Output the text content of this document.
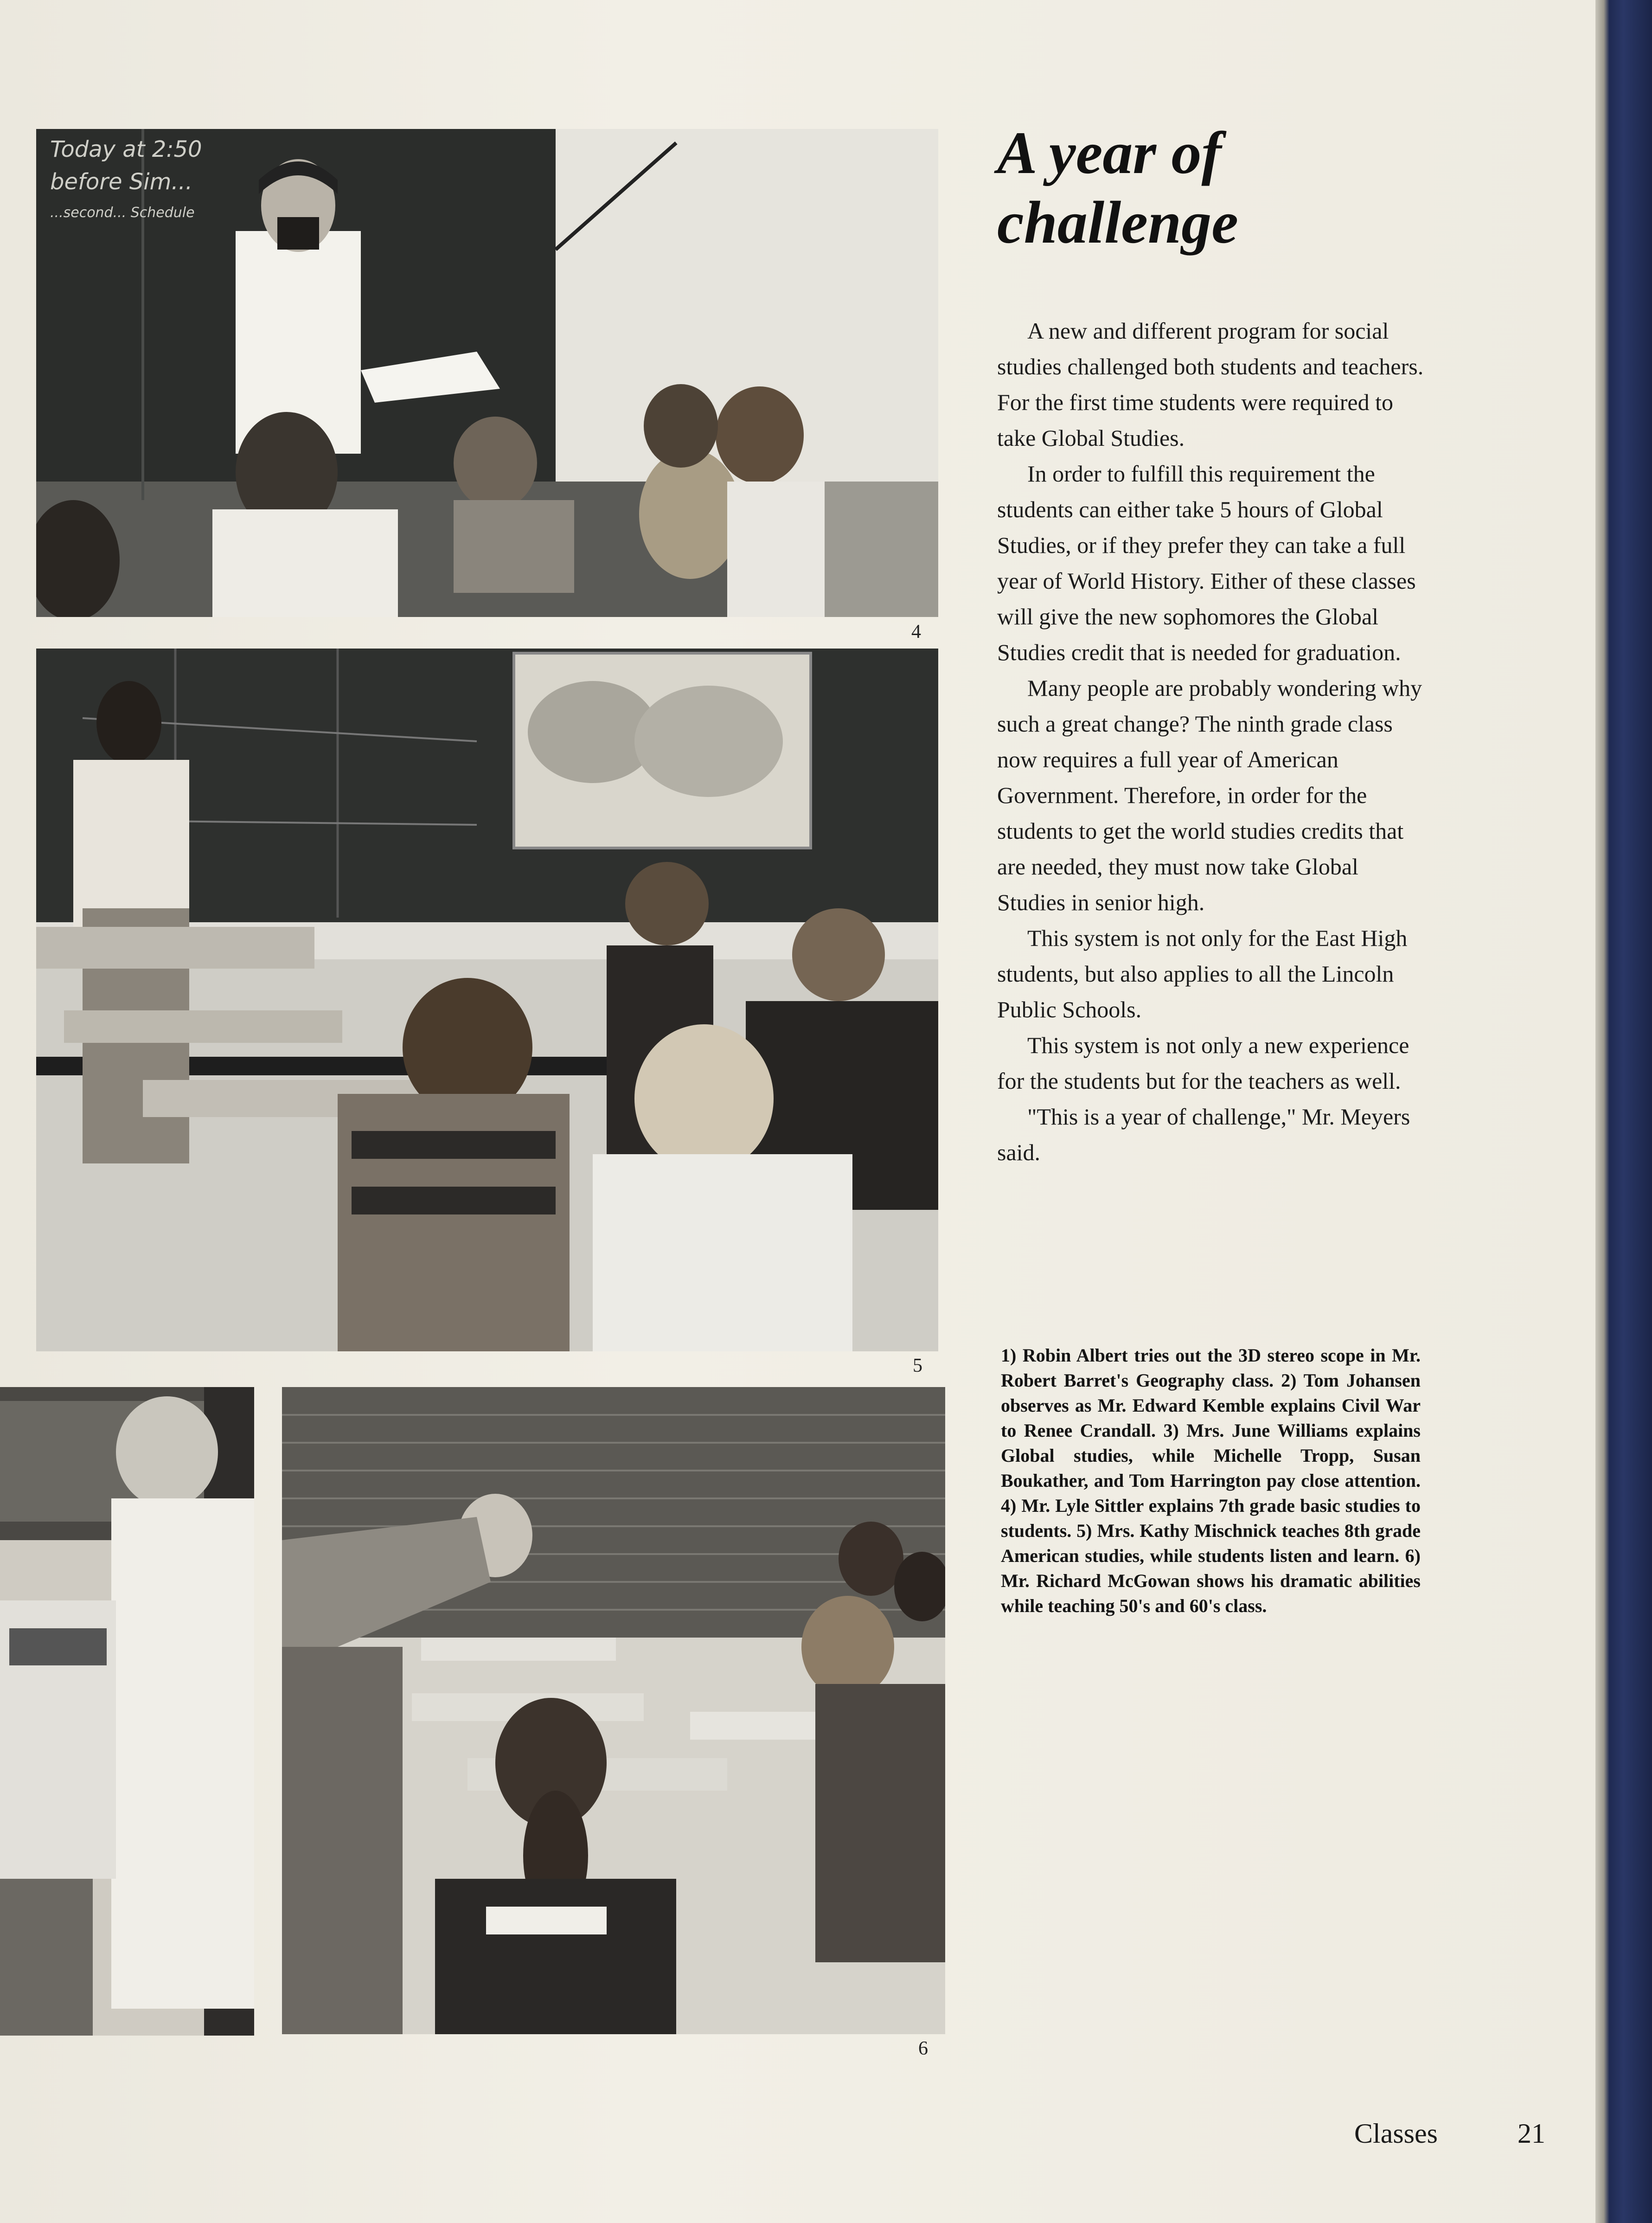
Today at 2:50
before Sim...
...second... Schedule
4
5
6
A year of
challenge

A new and different program for social studies challenged both students and teachers. For the first time students were required to take Global Studies.

In order to fulfill this requirement the students can either take 5 hours of Global Studies, or if they prefer they can take a full year of World History. Either of these classes will give the new sophomores the Global Studies credit that is needed for graduation.

Many people are probably wondering why such a great change? The ninth grade class now requires a full year of American Government. Therefore, in order for the students to get the world studies credits that are needed, they must now take Global Studies in senior high.

This system is not only for the East High students, but also applies to all the Lincoln Public Schools.

This system is not only a new experience for the students but for the teachers as well.

"This is a year of challenge," Mr. Meyers said.

1) Robin Albert tries out the 3D stereo scope in Mr. Robert Barret's Geography class. 2) Tom Johansen observes as Mr. Edward Kemble explains Civil War to Renee Crandall. 3) Mrs. June Williams explains Global studies, while Michelle Tropp, Susan Boukather, and Tom Harrington pay close attention. 4) Mr. Lyle Sittler explains 7th grade basic studies to students. 5) Mrs. Kathy Mischnick teaches 8th grade American studies, while students listen and learn. 6) Mr. Richard McGowan shows his dramatic abilities while teaching 50's and 60's class.
Classes	21
